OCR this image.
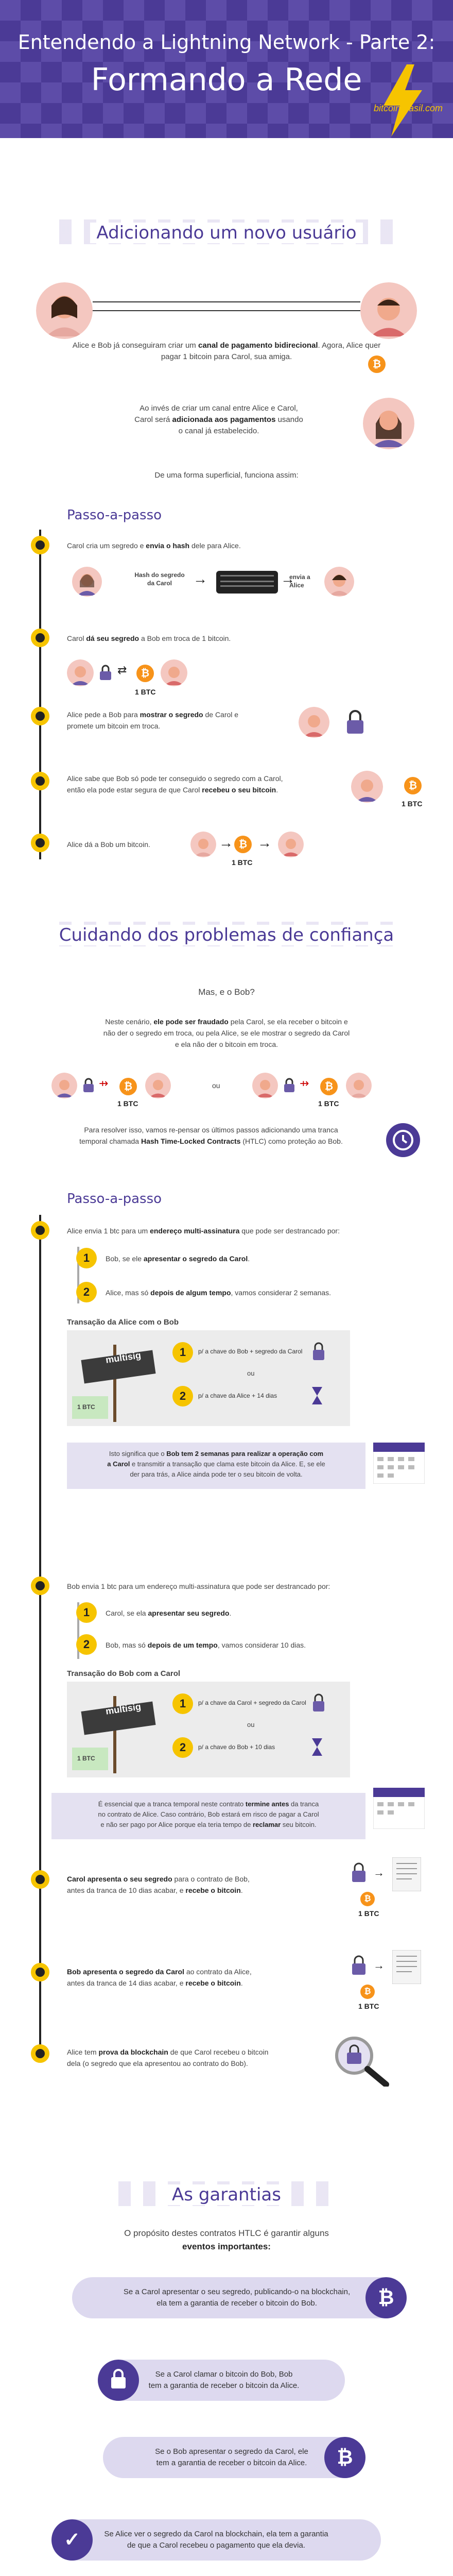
Entendendo a Lightning Network - Parte 2:
Formando a Rede
bitcoinbrasil.com
Adicionando um novo usuário
₿
Alice e Bob já conseguiram criar um canal de pagamento bidirecional. Agora, Alice quer pagar 1 bitcoin para Carol, sua amiga.
Ao invés de criar um canal entre Alice e Carol,
Carol será adicionada aos pagamentos usando
o canal já estabelecido.
De uma forma superficial, funciona assim:
Passo-a-passo
Carol cria um segredo e envia o hash dele para Alice.
Hash do segredo da Carol	→	→
envia a Alice
Carol dá seu segredo a Bob em troca de 1 bitcoin.
⇄	₿
1 BTC
Alice pede a Bob para mostrar o segredo de Carol e
promete um bitcoin em troca.
Alice sabe que Bob só pode ter conseguido o segredo com a Carol,
então ela pode estar segura de que Carol recebeu o seu bitcoin.	₿
1 BTC
Alice dá a Bob um bitcoin.	→ ₿
1 BTC
→
Cuidando dos problemas de confiança
Mas, e o Bob?
Neste cenário, ele pode ser fraudado pela Carol, se ela receber o bitcoin e
não der o segredo em troca, ou pela Alice, se ele mostrar o segredo da Carol
e ela não der o bitcoin em troca.
⇸	₿
1 BTC
ou	⇸	₿
1 BTC
Para resolver isso, vamos re-pensar os últimos passos adicionando uma tranca
temporal chamada Hash Time-Locked Contracts (HTLC) como proteção ao Bob.
Passo-a-passo
Alice envia 1 btc para um endereço multi-assinatura que pode ser destrancado por:
1	Bob, se ele apresentar o segredo da Carol.
2	Alice, mas só depois de algum tempo, vamos considerar 2 semanas.
Transação da Alice com o Bob
multisig
1 BTC
1	p/ a chave do Bob + segredo da Carol
ou
2	p/ a chave da Alice + 14 dias
Isto significa que o Bob tem 2 semanas para realizar a operação com
a Carol e transmitir a transação que clama este bitcoin da Alice. E, se ele
der para trás, a Alice ainda pode ter o seu bitcoin de volta.
Bob envia 1 btc para um endereço multi-assinatura que pode ser destrancado por:
1	Carol, se ela apresentar seu segredo.
2	Bob, mas só depois de um tempo, vamos considerar 10 dias.
Transação do Bob com a Carol
multisig
1 BTC
1	p/ a chave da Carol + segredo da Carol
ou
2	p/ a chave do Bob + 10 dias
É essencial que a tranca temporal neste contrato termine antes da tranca
no contrato de Alice. Caso contrário, Bob estará em risco de pagar a Carol
e não ser pago por Alice porque ela teria tempo de reclamar seu bitcoin.
Carol apresenta o seu segredo para o contrato de Bob,
antes da tranca de 10 dias acabar, e recebe o bitcoin.
→
₿
1 BTC
Bob apresenta o segredo da Carol ao contrato da Alice,
antes da tranca de 14 dias acabar, e recebe o bitcoin.
→
₿
1 BTC
Alice tem prova da blockchain de que Carol recebeu o bitcoin
dela (o segredo que ela apresentou ao contrato do Bob).
As garantias
O propósito destes contratos HTLC é garantir alguns
eventos importantes:
Se a Carol apresentar o seu segredo, publicando-o na blockchain,
ela tem a garantia de receber o bitcoin do Bob.	₿
Se a Carol clamar o bitcoin do Bob, Bob
tem a garantia de receber o bitcoin da Alice.
Se o Bob apresentar o segredo da Carol, ele
tem a garantia de receber o bitcoin da Alice.	₿
Se Alice ver o segredo da Carol na blockchain, ela tem a garantia
de que a Carol recebeu o pagamento que ela devia.
✓
